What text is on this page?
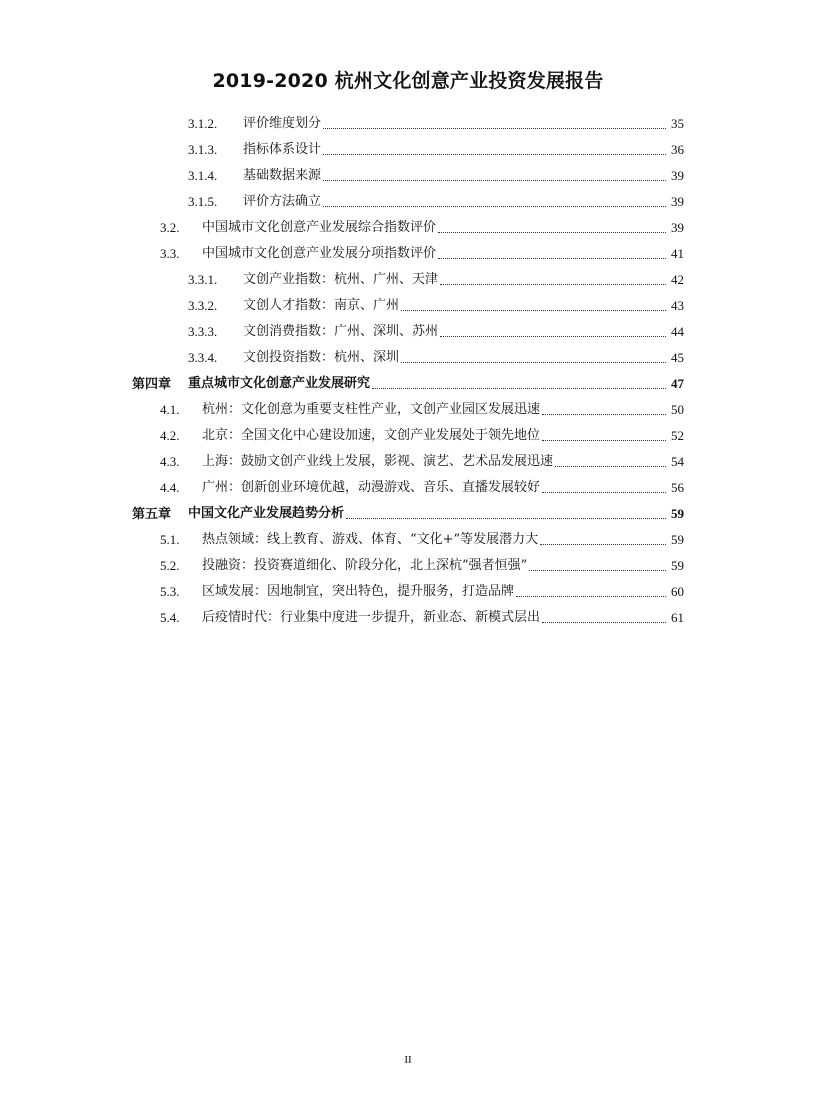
2019-2020 杭州文化创意产业投资发展报告
3.1.2. 评价维度划分	35
3.1.3. 指标体系设计	36
3.1.4. 基础数据来源	39
3.1.5. 评价方法确立	39
3.2. 中国城市文化创意产业发展综合指数评价	39
3.3. 中国城市文化创意产业发展分项指数评价	41
3.3.1. 文创产业指数：杭州、广州、天津	42
3.3.2. 文创人才指数：南京、广州	43
3.3.3. 文创消费指数：广州、深圳、苏州	44
3.3.4. 文创投资指数：杭州、深圳	45
第四章 重点城市文化创意产业发展研究	47
4.1. 杭州：文化创意为重要支柱性产业，文创产业园区发展迅速	50
4.2. 北京：全国文化中心建设加速，文创产业发展处于领先地位	52
4.3. 上海：鼓励文创产业线上发展，影视、演艺、艺术品发展迅速	54
4.4. 广州：创新创业环境优越，动漫游戏、音乐、直播发展较好	56
第五章 中国文化产业发展趋势分析	59
5.1. 热点领域：线上教育、游戏、体育、“文化+”等发展潜力大	59
5.2. 投融资：投资赛道细化、阶段分化，北上深杭“强者恒强”	59
5.3. 区域发展：因地制宜，突出特色，提升服务，打造品牌	60
5.4. 后疫情时代：行业集中度进一步提升，新业态、新模式层出	61
II
